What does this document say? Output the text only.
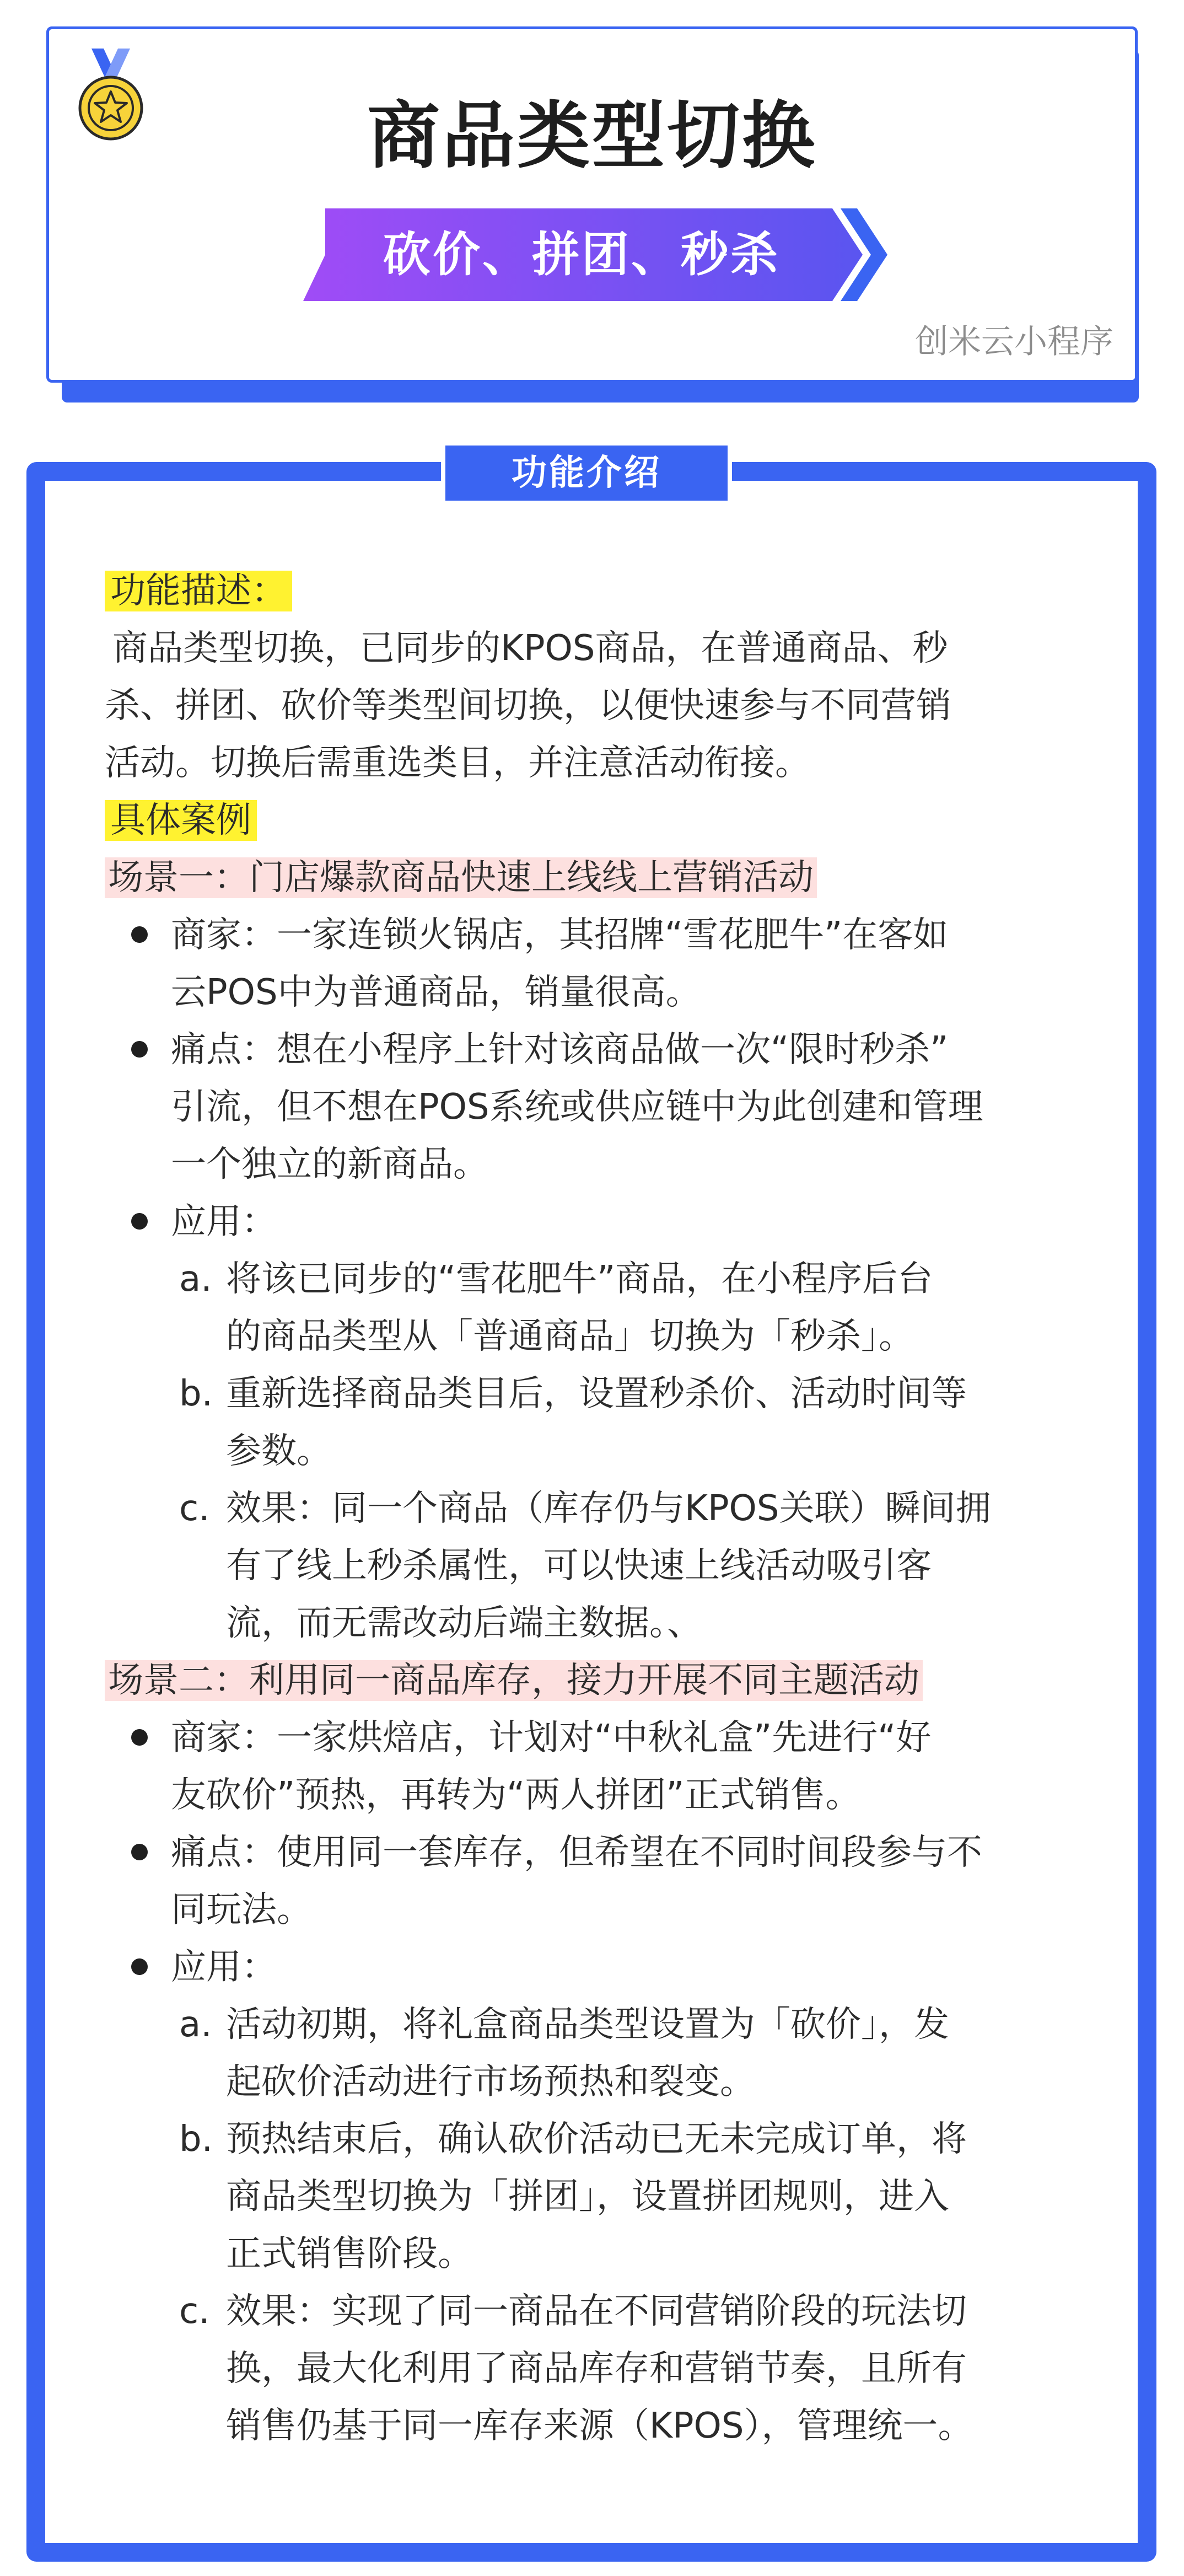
商品类型切换
砍价、拼团、秒杀
创米云小程序
功能介绍
功能描述：
商品类型切换，已同步的KPOS商品，在普通商品、秒
杀、拼团、砍价等类型间切换，以便快速参与不同营销
活动。切换后需重选类目，并注意活动衔接。
具体案例
场景一：门店爆款商品快速上线线上营销活动
商家：一家连锁火锅店，其招牌“雪花肥牛”在客如
云POS中为普通商品，销量很高。
痛点：想在小程序上针对该商品做一次“限时秒杀”
引流，但不想在POS系统或供应链中为此创建和管理
一个独立的新商品。
应用：
a. 将该已同步的“雪花肥牛”商品，在小程序后台
的商品类型从「普通商品」切换为「秒杀」。
b. 重新选择商品类目后，设置秒杀价、活动时间等
参数。
c. 效果：同一个商品（库存仍与KPOS关联）瞬间拥
有了线上秒杀属性，可以快速上线活动吸引客
流，而无需改动后端主数据。、
场景二：利用同一商品库存，接力开展不同主题活动
商家：一家烘焙店，计划对“中秋礼盒”先进行“好
友砍价”预热，再转为“两人拼团”正式销售。
痛点：使用同一套库存，但希望在不同时间段参与不
同玩法。
应用：
a. 活动初期，将礼盒商品类型设置为「砍价」，发
起砍价活动进行市场预热和裂变。
b. 预热结束后，确认砍价活动已无未完成订单，将
商品类型切换为「拼团」，设置拼团规则，进入
正式销售阶段。
c. 效果：实现了同一商品在不同营销阶段的玩法切
换，最大化利用了商品库存和营销节奏，且所有
销售仍基于同一库存来源（KPOS），管理统一。
